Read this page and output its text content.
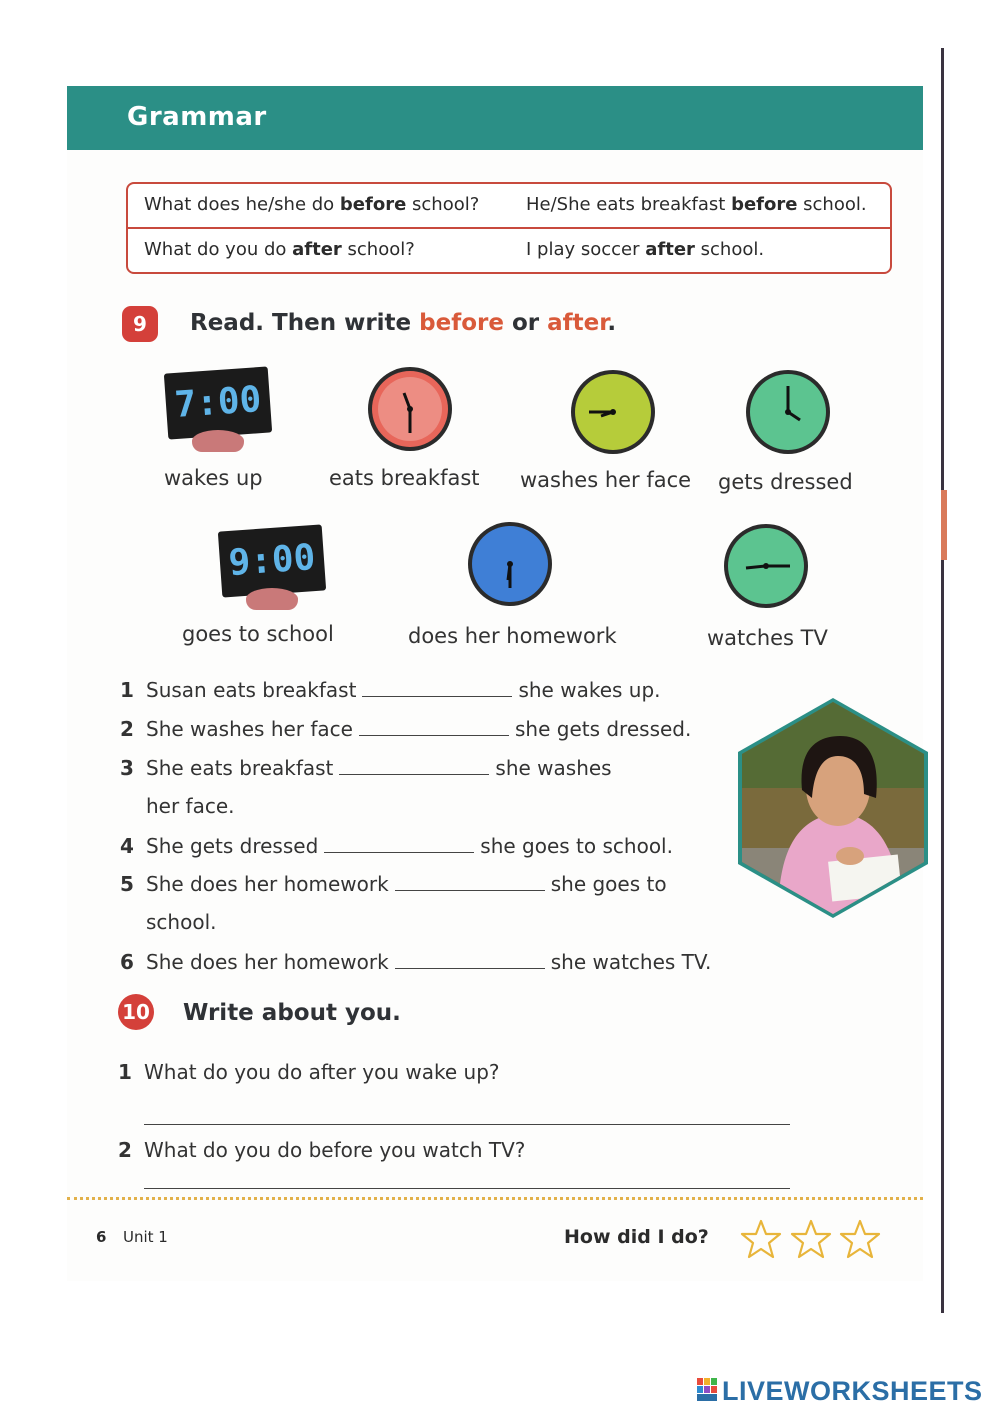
Grammar
What does he/she do before school?	He/She eats breakfast before school.
What do you do after school?	I play soccer after school.
9	Read. Then write before or after.
7:00
wakes up	eats breakfast washes her face gets dressed
9:00
goes to school	does her homework	watches TV
1 Susan eats breakfast	she wakes up.
2 She washes her face	she gets dressed.
3 She eats breakfast	she washes
her face.
4 She gets dressed	she goes to school.
5 She does her homework	she goes to
school.
6 She does her homework	she watches TV.
10 Write about you.
1 What do you do after you wake up?
2 What do you do before you watch TV?
6 Unit 1	How did I do?
LIVEWORKSHEETS
